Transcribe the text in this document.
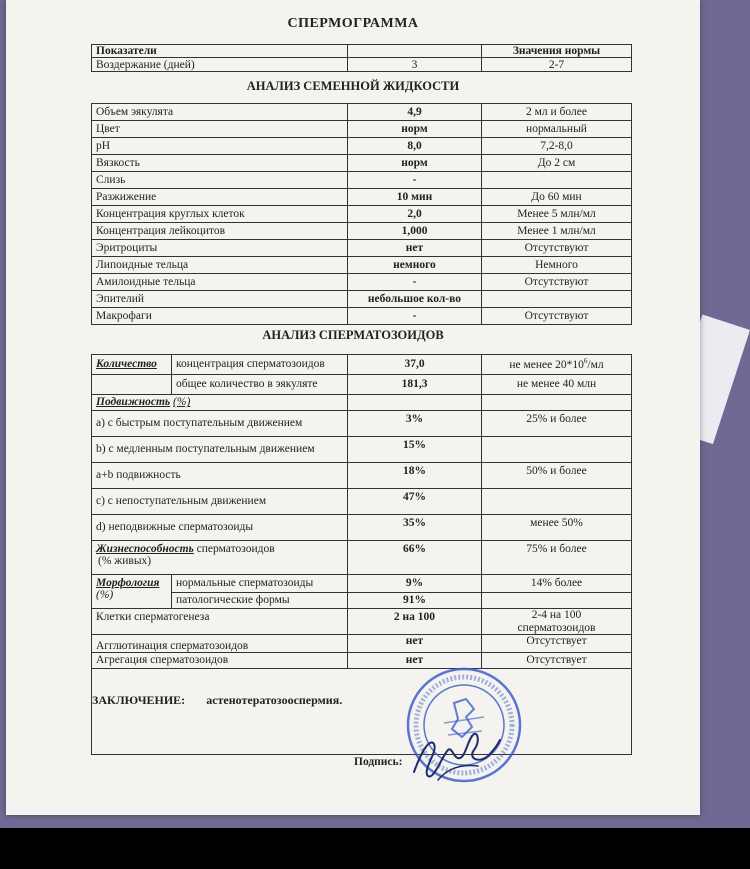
СПЕРМОГРАММА
Показатели		Значения нормы
Воздержание (дней)	3	2-7
АНАЛИЗ СЕМЕННОЙ ЖИДКОСТИ
Объем эякулята	4,9	2 мл и более
Цвет	норм	нормальный
pH	8,0	7,2-8,0
Вязкость	норм	До 2 см
Слизь	-	
Разжижение	10 мин	До 60 мин
Концентрация круглых клеток	2,0	Менее 5 млн/мл
Концентрация лейкоцитов	1,000	Менее 1 млн/мл
Эритроциты	нет	Отсутствуют
Липоидные тельца	немного	Немного
Амилоидные тельца	-	Отсутствуют
Эпителий	небольшое кол-во	
Макрофаги	-	Отсутствуют
АНАЛИЗ СПЕРМАТОЗОИДОВ
Количество	концентрация сперматозоидов	37,0	не менее $20*10^6/мл$
	общее количество в эякуляте	181,3	не менее 40 млн
Подвижность (%)			
a) с быстрым поступательным движением		3%	25% и более
b) с медленным поступательным движением		15%	
a+b подвижность		18%	50% и более
c) с непоступательным движением		47%	
d) неподвижные сперматозоиды		35%	менее 50%
Жизнеспособность сперматозоидов
(% живых)		66%	75% и более
Морфология
(%)	нормальные сперматозоиды	9%	14% более
	патологические формы	91%	
Клетки сперматогенеза		2 на 100	2-4 на 100
сперматозоидов
Агглютинация сперматозоидов		нет	Отсутствует
Агрегация сперматозоидов		нет	Отсутствует

ЗАКЛЮЧЕНИЕ: астенотератозооспермия.
Подпись:
